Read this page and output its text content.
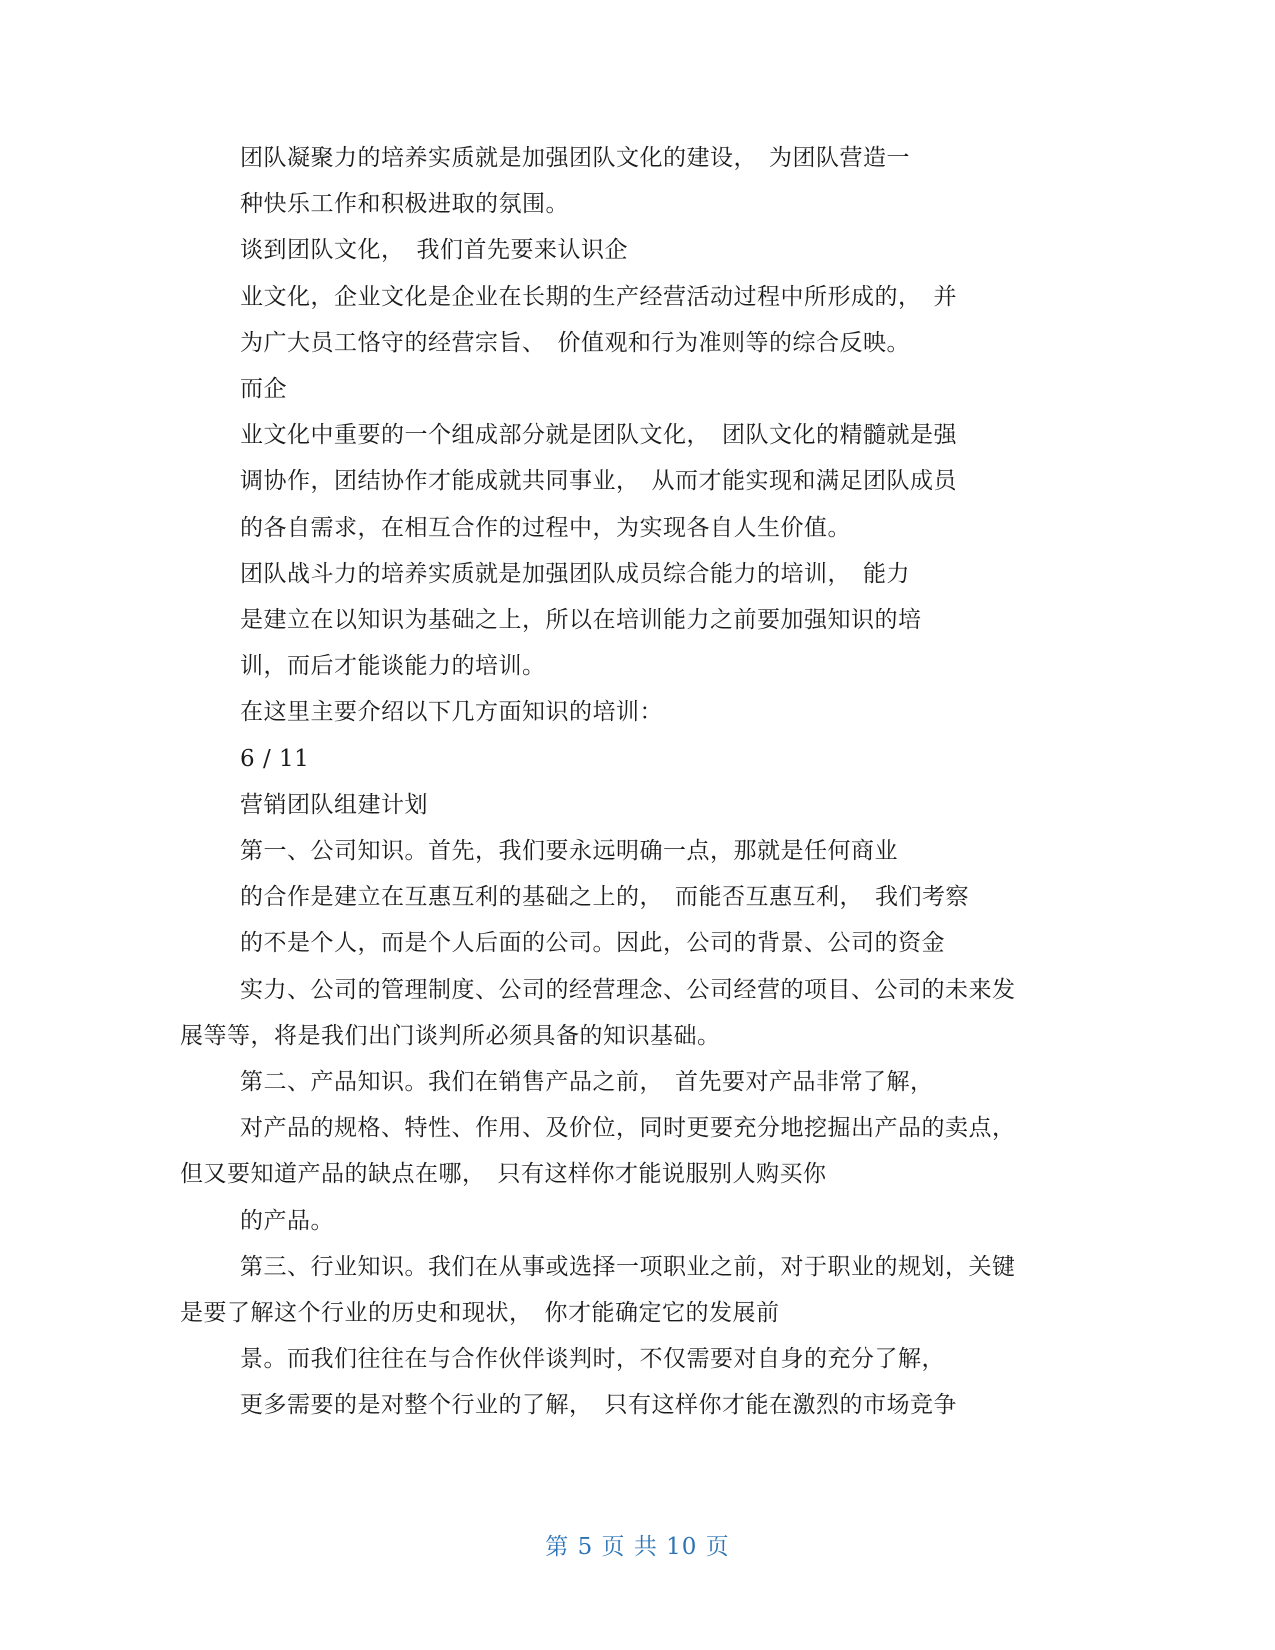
团队凝聚力的培养实质就是加强团队文化的建设，　为团队营造一
种快乐工作和积极进取的氛围。
谈到团队文化，　我们首先要来认识企
业文化，企业文化是企业在长期的生产经营活动过程中所形成的，　并
为广大员工恪守的经营宗旨、　价值观和行为准则等的综合反映。
而企
业文化中重要的一个组成部分就是团队文化，　团队文化的精髓就是强
调协作，团结协作才能成就共同事业，　从而才能实现和满足团队成员
的各自需求，在相互合作的过程中，为实现各自人生价值。
团队战斗力的培养实质就是加强团队成员综合能力的培训，　能力
是建立在以知识为基础之上，所以在培训能力之前要加强知识的培
训，而后才能谈能力的培训。
在这里主要介绍以下几方面知识的培训：
6 / 11
营销团队组建计划
第一、公司知识。首先，我们要永远明确一点，那就是任何商业
的合作是建立在互惠互利的基础之上的，　而能否互惠互利，　我们考察
的不是个人，而是个人后面的公司。因此，公司的背景、公司的资金
实力、公司的管理制度、公司的经营理念、公司经营的项目、公司的未来发
展等等，将是我们出门谈判所必须具备的知识基础。
第二、产品知识。我们在销售产品之前，　首先要对产品非常了解，
对产品的规格、特性、作用、及价位，同时更要充分地挖掘出产品的卖点，
但又要知道产品的缺点在哪，　只有这样你才能说服别人购买你
的产品。
第三、行业知识。我们在从事或选择一项职业之前，对于职业的规划，关键
是要了解这个行业的历史和现状，　你才能确定它的发展前
景。而我们往往在与合作伙伴谈判时，不仅需要对自身的充分了解，
更多需要的是对整个行业的了解，　只有这样你才能在激烈的市场竞争
第 5 页 共 10 页
